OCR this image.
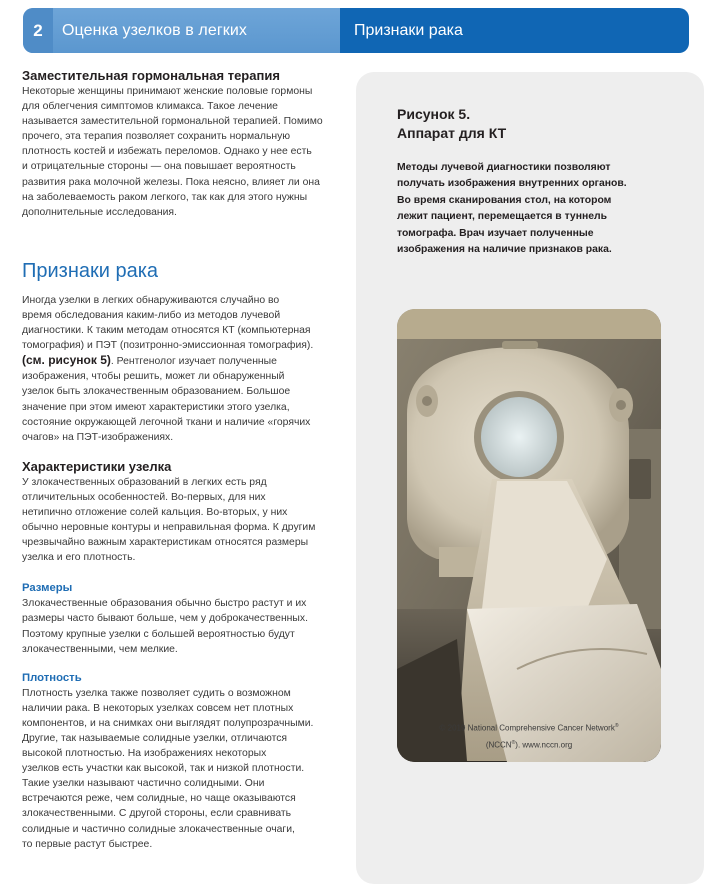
2	Оценка узелков в легких	Признаки рака
Заместительная гормональная терапия
Некоторые женщины принимают женские половые гормоны
для облегчения симптомов климакса. Такое лечение
называется заместительной гормональной терапией. Помимо
прочего, эта терапия позволяет сохранить нормальную
плотность костей и избежать переломов. Однако у нее есть
и отрицательные стороны — она повышает вероятность
развития рака молочной железы. Пока неясно, влияет ли она
на заболеваемость раком легкого, так как для этого нужны
дополнительные исследования.
Признаки рака
Иногда узелки в легких обнаруживаются случайно во
время обследования каким-либо из методов лучевой
диагностики. К таким методам относятся КТ (компьютерная
томография) и ПЭТ (позитронно-эмиссионная томография).
(см. рисунок 5). Рентгенолог изучает полученные
изображения, чтобы решить, может ли обнаруженный
узелок быть злокачественным образованием. Большое
значение при этом имеют характеристики этого узелка,
состояние окружающей легочной ткани и наличие «горячих
очагов» на ПЭТ-изображениях.
Характеристики узелка
У злокачественных образований в легких есть ряд
отличительных особенностей. Во-первых, для них
нетипично отложение солей кальция. Во-вторых, у них
обычно неровные контуры и неправильная форма. К другим
чрезвычайно важным характеристикам относятся размеры
узелка и его плотность.
Размеры
Злокачественные образования обычно быстро растут и их
размеры часто бывают больше, чем у доброкачественных.
Поэтому крупные узелки с большей вероятностью будут
злокачественными, чем мелкие.
Плотность
Плотность узелка также позволяет судить о возможном
наличии рака. В некоторых узелках совсем нет плотных
компонентов, и на снимках они выглядят полупрозрачными.
Другие, так называемые солидные узелки, отличаются
высокой плотностью. На изображениях некоторых
узелков есть участки как высокой, так и низкой плотности.
Такие узелки называют частично солидными. Они
встречаются реже, чем солидные, но чаще оказываются
злокачественными. С другой стороны, если сравнивать
солидные и частично солидные злокачественные очаги,
то первые растут быстрее.
Рисунок 5.
Аппарат для КТ
Методы лучевой диагностики позволяют
получать изображения внутренних органов.
Во время сканирования стол, на котором
лежит пациент, перемещается в туннель
томографа. Врач изучает полученные
изображения на наличие признаков рака.
© 2019 National Comprehensive Cancer Network®
(NCCN®). www.nccn.org
